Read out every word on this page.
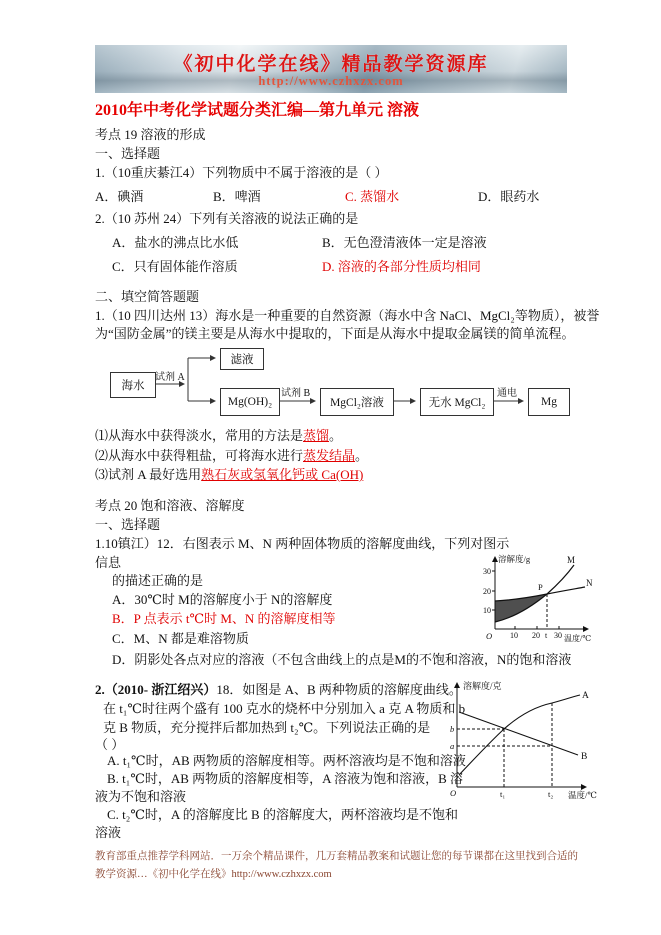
《初中化学在线》精品教学资源库
http://www.czhxzx.com
2010年中考化学试题分类汇编—第九单元 溶液
考点 19 溶液的形成
一、选择题
1.（10重庆綦江4）下列物质中不属于溶液的是（ ）
A．碘酒	B．啤酒	C. 蒸馏水	D．眼药水
2.（10 苏州 24）下列有关溶液的说法正确的是
A．盐水的沸点比水低	B．无色澄清液体一定是溶液
C．只有固体能作溶质	D. 溶液的各部分性质均相同
二、填空简答题题
1.（10 四川达州 13）海水是一种重要的自然资源（海水中含 NaCl、MgCl₂等物质），被誉
为“国防金属”的镁主要是从海水中提取的，下面是从海水中提取金属镁的简单流程。
海水
试剂 A
滤液
Mg(OH)₂
试剂 B
MgCl₂溶液	无水 MgCl₂
通电
Mg
⑴从海水中获得淡水，常用的方法是蒸馏。
⑵从海水中获得粗盐，可将海水进行蒸发结晶。
⑶试剂 A 最好选用熟石灰或氢氧化钙或 Ca(OH)
考点 20 饱和溶液、溶解度
一、选择题
1.10镇江）12．右图表示 M、N 两种固体物质的溶解度曲线，下列对图示
信息
的描述正确的是
A．30℃时 M的溶解度小于 N的溶解度
B．P 点表示 t℃时 M、N 的溶解度相等
C．M、N 都是难溶物质
D．阴影处各点对应的溶液（不包含曲线上的点是M的不饱和溶液，N的饱和溶液
溶解度/g
30
20
10
O 10 20 t 30 温度/℃
P
M
N
2.（2010- 浙江绍兴）18．如图是 A、B 两种物质的溶解度曲线。
在 t₁℃时往两个盛有 100 克水的烧杯中分别加入 a 克 A 物质和 b
克 B 物质，充分搅拌后都加热到 t₂℃。下列说法正确的是
（ ）
A. t₁℃时，AB 两物质的溶解度相等。两杯溶液均是不饱和溶液
B. t₁℃时，AB 两物质的溶解度相等，A 溶液为饱和溶液，B 溶
液为不饱和溶液
C. t₂℃时，A 的溶解度比 B 的溶解度大，两杯溶液均是不饱和
溶液
溶解度/克
b
a
O	t₁	t₂ 温度/℃
A
B
教育部重点推荐学科网站．一万余个精品课件，几万套精品教案和试题让您的每节课都在这里找到合适的
教学资源…《初中化学在线》http://www.czhxzx.com
